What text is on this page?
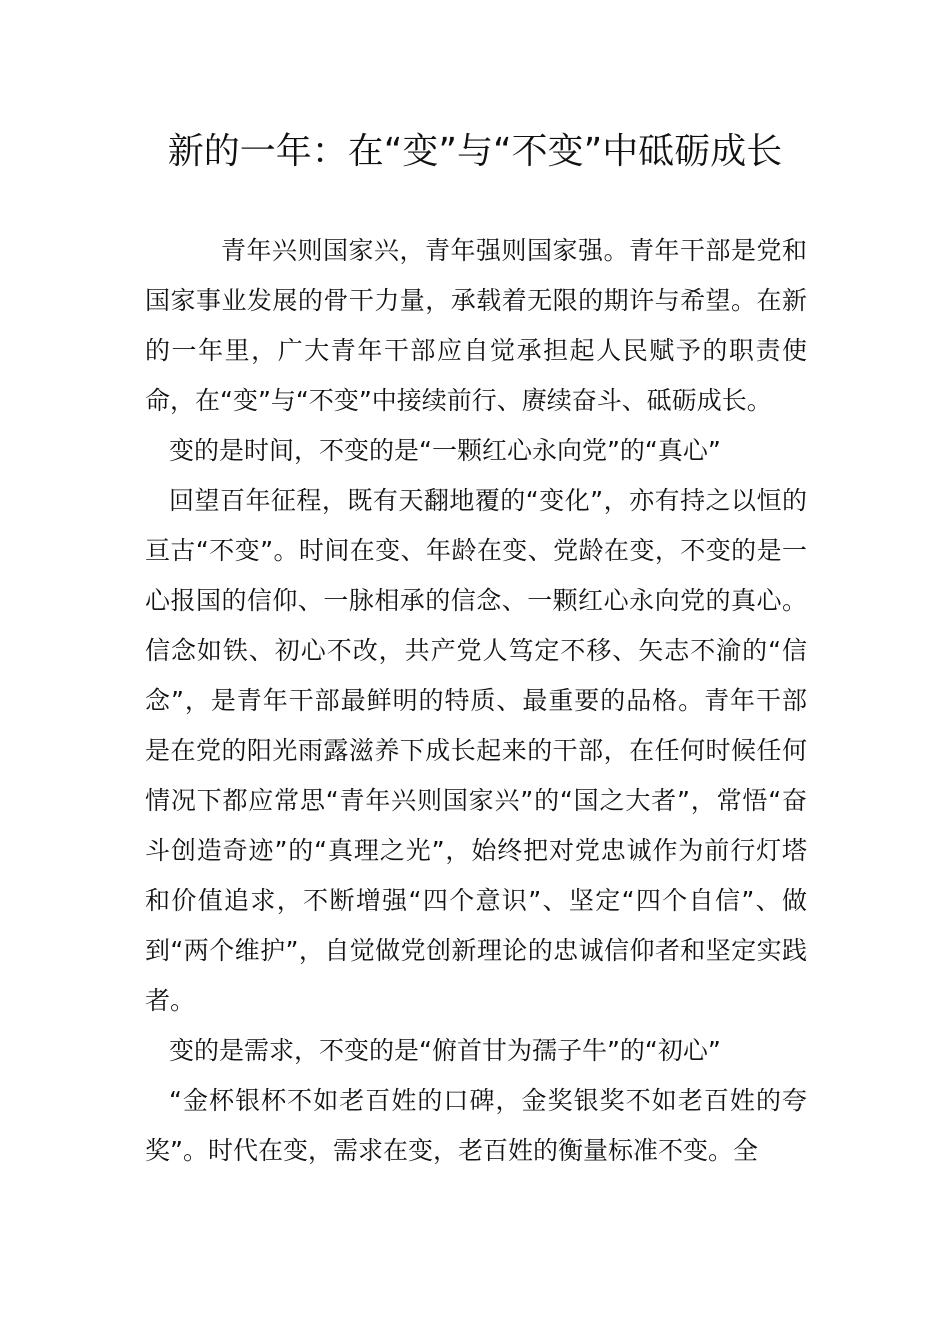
新的一年：在“变”与“不变”中砥砺成长

青年兴则国家兴，青年强则国家强。青年干部是党和国家事业发展的骨干力量，承载着无限的期许与希望。在新的一年里，广大青年干部应自觉承担起人民赋予的职责使命，在“变”与“不变”中接续前行、赓续奋斗、砥砺成长。

变的是时间，不变的是“一颗红心永向党”的“真心”

回望百年征程，既有天翻地覆的“变化”，亦有持之以恒的亘古“不变”。时间在变、年龄在变、党龄在变，不变的是一心报国的信仰、一脉相承的信念、一颗红心永向党的真心。信念如铁、初心不改，共产党人笃定不移、矢志不渝的“信念”，是青年干部最鲜明的特质、最重要的品格。青年干部是在党的阳光雨露滋养下成长起来的干部，在任何时候任何情况下都应常思“青年兴则国家兴”的“国之大者”，常悟“奋斗创造奇迹”的“真理之光”，始终把对党忠诚作为前行灯塔和价值追求，不断增强“四个意识”、坚定“四个自信”、做到“两个维护”，自觉做党创新理论的忠诚信仰者和坚定实践者。

变的是需求，不变的是“俯首甘为孺子牛”的“初心”

“金杯银杯不如老百姓的口碑，金奖银奖不如老百姓的夸奖”。时代在变，需求在变，老百姓的衡量标准不变。全
